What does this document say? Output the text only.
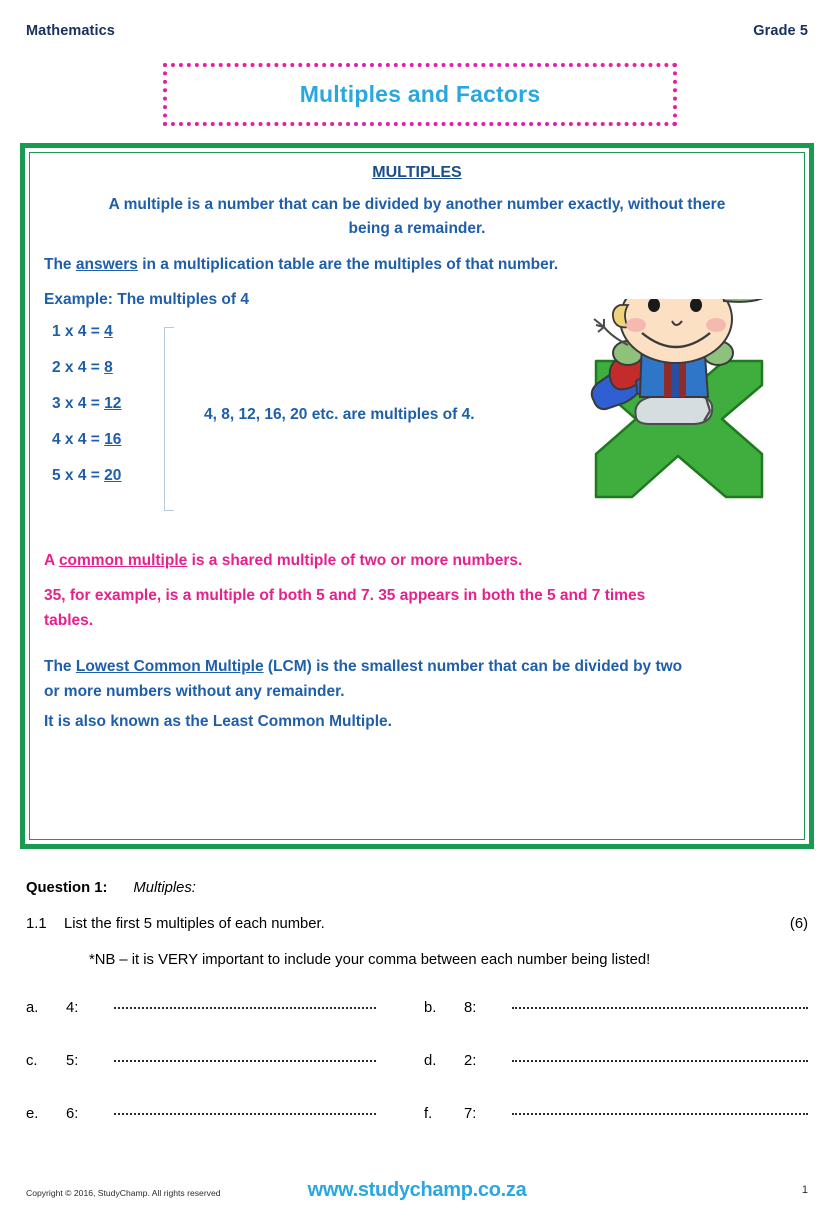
Mathematics	Grade 5
Multiples and Factors
MULTIPLES
A multiple is a number that can be divided by another number exactly, without there
being a remainder.
The answers in a multiplication table are the multiples of that number.
Example: The multiples of 4
1 x 4 = 4
2 x 4 = 8
3 x 4 = 12
4 x 4 = 16
5 x 4 = 20
4, 8, 12, 16, 20 etc. are multiples of 4.
A common multiple is a shared multiple of two or more numbers.
35, for example, is a multiple of both 5 and 7. 35 appears in both the 5 and 7 times
tables.
The Lowest Common Multiple (LCM) is the smallest number that can be divided by two
or more numbers without any remainder.
It is also known as the Least Common Multiple.
Question 1: Multiples:
1.1	List the first 5 multiples of each number.	(6)
*NB – it is VERY important to include your comma between each number being listed!
a.	4:	b.	8:
c.	5:	d.	2:
e.	6:	f.	7:
Copyright © 2016, StudyChamp. All rights reserved	www.studychamp.co.za	1
